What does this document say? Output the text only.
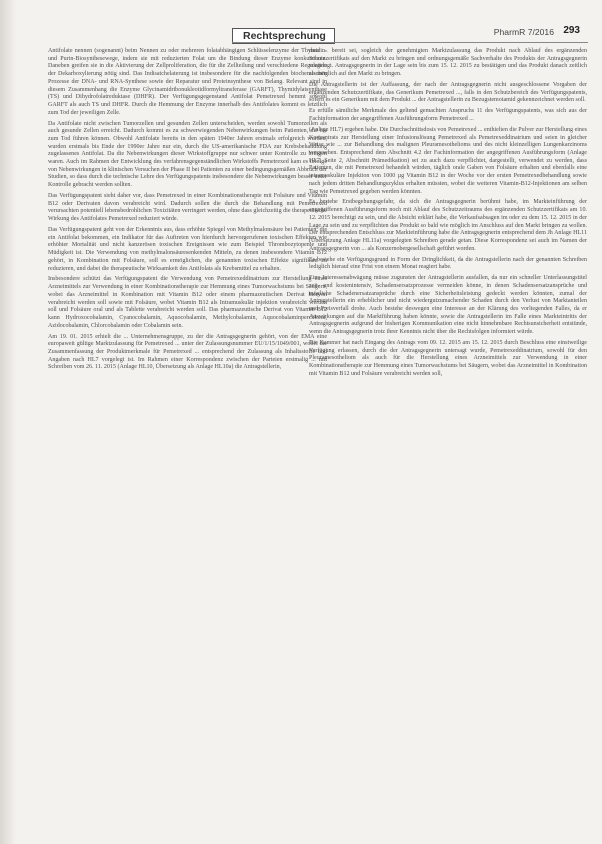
Rechtsprechung	PharmR 7/2016 293

Antifolate nennen (sogenannt) beim Nennen zu oder mehreren folatabhängigen Schlüsselenzyme der Thymidin- und Purin-Biosynthesewege, indem sie mit reduzierten Folat um die Bindung dieser Enzyme konkurrieren. Daneben greifen sie in die Aktivierung der Zellproliferation, die für die Zellteilung und verschiedene Regulation der Dekarboxylierung nötig sind. Das Indisatchelaterung ist insbesondere für die nachfolgenden biochemischen Prozesse der DNA- und RNA-Synthese sowie der Reparatur und Proteinsynthese von Belang. Relevant sind in diesem Zusammenhang die Enzyme Glycinamidribonukleotidformyltransferase (GARFT), Thymidylatsynthase (TS) und Dihydrofolatreduktase (DHFR). Der Verfügungsgegenstand Antifolat Pemetrexed hemmt sowohl GARFT als auch TS und DHFR. Durch die Hemmung der Enzyme innerhalb des Antifolates kommt es letztlich zum Tod der jeweiligen Zelle.

Da Antifolate nicht zwischen Tumorzellen und gesunden Zellen unterscheiden, werden sowohl Tumorzellen als auch gesunde Zellen erreicht. Dadurch kommt es zu schwerwiegenden Nebenwirkungen beim Patienten, die bis zum Tod führen können. Obwohl Antifolate bereits in den späten 1940er Jahren erstmals erfolgreich wurden, wurden erstmals bis Ende der 1990er Jahre nur ein, durch die US-amerikanische FDA zur Krebsbehandlung zugelassenes Antifolat. Da die Nebenwirkungen dieser Wirkstoffgruppe nur schwer unter Kontrolle zu bringen waren. Auch im Rahmen der Entwicklung des verfahrensgegenständlichen Wirkstoffs Pemetrexed kam es infolge von Nebenwirkungen in klinischen Versuchen der Phase II bei Patienten zu einer bedingungsgemäßen Abbruch der Studien, so dass durch die technische Lehre des Verfügungspatents insbesondere die Nebenwirkungen besser unter Kontrolle gebracht werden sollten.

Das Verfügungspatent sieht daher vor, dass Pemetrexed in einer Kombinationstherapie mit Folsäure und Vitamin B12 oder Derivaten davon verabreicht wird. Dadurch sollen die durch die Behandlung mit Pemetrexed verursachten potentiell lebensbedrohlichen Toxizitäten verringert werden, ohne dass gleichzeitig die therapeutische Wirkung des Antifolates Pemetrexed reduziert würde.

Das Verfügungspatent geht von der Erkenntnis aus, dass erhöhte Spiegel von Methylmalonsäure bei Patienten, die ein Antifolat bekommen, ein Indikator für das Auftreten von hierdurch hervorgerufenen toxischen Effekten wie erhöhter Mortalität und nicht kanzerösen toxischen Ereignissen wie zum Beispiel Thrombozytopenie und Müdigkeit ist. Die Verwendung von methylmalonsäuresenkenden Mitteln, zu denen insbesondere Vitamin B12 gehört, in Kombination mit Folsäure, soll es ermöglichen, die genannten toxischen Effekte signifikant zu reduzieren, und dabei die therapeutische Wirksamkeit des Antifolats als Krebsmittel zu erhalten.

Insbesondere schützt das Verfügungspatent die Verwendung von Pemetrexeddinatrium zur Herstellung eines Arzneimittels zur Verwendung in einer Kombinationstherapie zur Hemmung eines Tumorwachstums bei Säugern, wobei das Arzneimittel in Kombination mit Vitamin B12 oder einem pharmazeutischen Derivat hiervon verabreicht werden soll sowie mit Folsäure, wobei Vitamin B12 als Intramuskulär injektion verabreicht werden soll und Folsäure oral und als Tablette verabreicht werden soll. Das pharmazeutische Derivat von Vitamin B12 kann Hydroxocobalamin, Cyanocobalamin, Aquocobalamin, Methylcobalamin, Aquocobalaminperchlorat, Azidocobalamin, Chlorcobalamin oder Cobalamin sein.

Am 19. 01. 2015 erhielt die ... Unternehmensgruppe, zu der die Antragsgegnerin gehört, von der EMA eine europaweit gültige Marktzulassung für Pemetrexed ... unter der Zulassungsnummer EU/1/15/1049/001, wobei die Zusammenfassung der Produktmerkmale für Pemetrexed ... entsprechend der Zulassung als Inhaltsstoffe und Angaben nach HL7 vorgelegt ist. Im Rahmen einer Korrespondenz zwischen der Parteien erstmalig ... mit Schreiben vom 26. 11. 2015 (Anlage HL10, Übersetzung als Anlage HL10a) die Antragstellerin,

dass ... bereit sei, sogleich der genehmigten Marktzulassung das Produkt nach Ablauf des ergänzenden Schutzzertifikats auf den Markt zu bringen und ordnungsgemäße Sachverhalte des Produkts der Antragsgegnerin vorgelegt. Antragsgegnerin in der Lage sein bis zum 15. 12. 2015 zu bestätigen und das Produkt danach zeitlich als möglich auf den Markt zu bringen.

Die Antragstellerin ist der Auffassung, der nach der Antragsgegnerin nicht ausgeschlossene Vorgaben der ergänzenden Schutzzertifikate, das Generikum Pemetrexed ..., falls in den Schutzbereich des Verfügungspatents, sofern es ein Generikum mit dem Produkt ... der Antragstellerin zu Bezugstemotamid gekennzeichnet werden soll.

Es erfülle sämtliche Merkmale des geltend gemachten Anspruchs 11 des Verfügungspatents, was sich aus der Fachinformation der angegriffenen Ausführungsform Pemetrexed ...

(Anlage HL7) ergeben habe. Die Durchschnittsdosis von Pemetrexed ... enthielten die Pulver zur Herstellung eines Konzentrats zur Herstellung einer Infusionslösung Pemetrexed als Pemetrexeddinatrium und seien in gleicher Weise wie ... zur Behandlung des malignen Pleuramesothelioms und des nicht kleinzelligen Lungenkarzinoms vorgesehen. Entsprechend dem Abschnitt 4.2 der Fachinformation der angegriffenen Ausführungsform (Anlage HL7, Seite 2, Abschnitt Prämedikation) sei zu auch dazu verpflichtet, dargestellt, verwendet zu werden, dass Patienten, die mit Pemetrexed behandelt würden, täglich orale Gaben von Folsäure erhalten und ebenfalls eine intramuskuläre Injektion von 1000 µg Vitamin B12 in der Woche vor der ersten Pemetrexedbehandlung sowie nach jedem dritten Behandlungszyklus erhalten müssten, wobei die weiteren Vitamin-B12-Injektionen am selben Tag wie Pemetrexed gegeben werden könnten.

Es bestehe Erstbegehungsgefahr, da sich die Antragsgegnerin berühmt habe, im Markteinführung der angegriffenen Ausführungsform noch mit Ablauf des Schutzzeitraums des ergänzenden Schutzzertifikats am 10. 12. 2015 berechtigt zu sein, und die Absicht erklärt habe, die Verkaufsabsagen im oder zu dem 15. 12. 2015 in der Lage zu sein und zu verpflichten das Produkt so bald wie möglich im Anschluss auf den Markt bringen zu wollen. Der entsprechenden Entschluss zur Markteinführung habe die Antragsgegnerin entsprechend dem Jh Anlage HL11 (Übersetzung Anlage HL11a) vorgelegten Schreiben gerade getan. Diese Korrespondenz sei auch im Namen der Antragsgegnerin von ... als Konzernobergesellschaft geführt worden.

Es bestehe ein Verfügungsgrund in Form der Dringlichkeit, da die Antragstellerin nach der genannten Schreiben lediglich hierauf eine Frist von einem Monat reagiert habe.

Eine Interessenabwägung müsse zugunsten der Antragstellerin ausfallen, da nur ein schneller Unterlassungstitel zeit- und kostenintensiv, Schadensersatzprozesse vermeiden könne, in denen Schadensersatzansprüche und mögliche Schadenersatzansprüche durch eine Sicherheitsleistung gedeckt werden könnten, zumal der Antragstellerin ein erheblicher und nicht wiedergutzumachender Schaden durch den Verlust von Marktanteilen und Preisverfall drohe. Auch bestehe deswegen eine Interesse an der Klärung des vorliegenden Falles, da er Auswirkungen auf die Marktführung haben könnte, sowie die Antragstellerin im Falle eines Markteintritts der Antragsgegnerin aufgrund der bisherigen Kommunikation eine nicht hinnehmbare Rechtsunsicherheit entstünde, wenn die Antragsgegnerin trotz ihrer Kenntnis nicht über die Rechtsfolgen informiert würde.

Die Kammer hat nach Eingang des Antrags vom 09. 12. 2015 am 15. 12. 2015 durch Beschluss eine einstweilige Verfügung erlassen, durch die der Antragsgegnerin untersagt wurde, Pemetrexeddinatrium, sowohl für den Pleuramesotheliom als auch für die Herstellung eines Arzneimittels zur Verwendung in einer Kombinationstherapie zur Hemmung eines Tumorwachstums bei Säugern, wobei das Arzneimittel in Kombination mit Vitamin B12 und Folsäure verabreicht werden soll,
